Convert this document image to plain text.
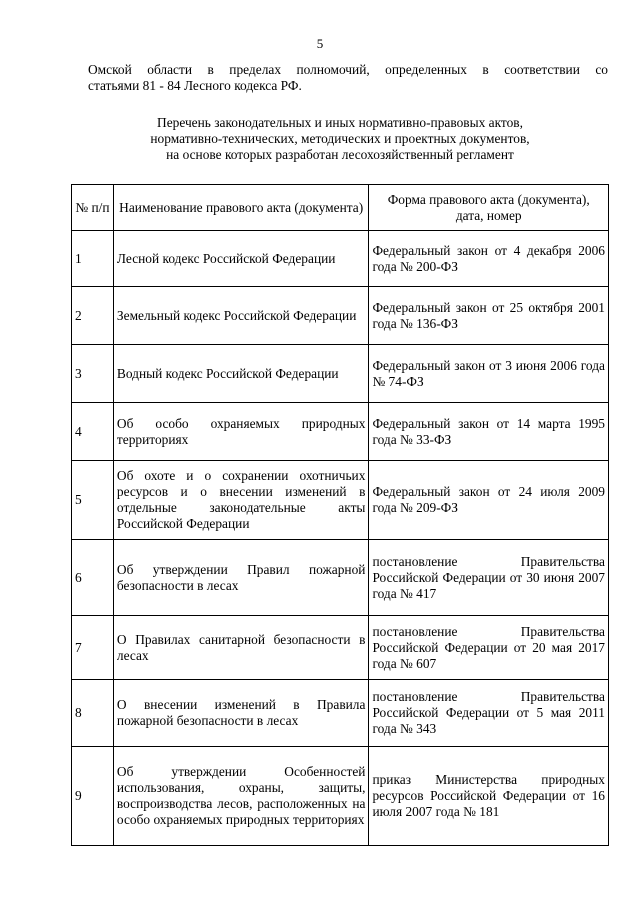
5
Омской области в пределах полномочий, определенных в соответствии со
статьями 81 - 84 Лесного кодекса РФ.
Перечень законодательных и иных нормативно-правовых актов,
нормативно-технических, методических и проектных документов,
на основе которых разработан лесохозяйственный регламент
№ п/п	Наименование правового акта (документа)	Форма правового акта (документа), дата, номер
1	Лесной кодекс Российской Федерации	Федеральный закон от 4 декабря 2006 года № 200-ФЗ
2	Земельный кодекс Российской Федерации	Федеральный закон от 25 октября 2001 года № 136-ФЗ
3	Водный кодекс Российской Федерации	Федеральный закон от 3 июня 2006 года № 74-ФЗ
4	Об особо охраняемых природных территориях	Федеральный закон от 14 марта 1995 года № 33-ФЗ
5	Об охоте и о сохранении охотничьих ресурсов и о внесении изменений в отдельные законодательные акты Российской Федерации	Федеральный закон от 24 июля 2009 года № 209-ФЗ
6	Об утверждении Правил пожарной безопасности в лесах	постановление Правительства Российской Федерации от 30 июня 2007 года № 417
7	О Правилах санитарной безопасности в лесах	постановление Правительства Российской Федерации от 20 мая 2017 года № 607
8	О внесении изменений в Правила пожарной безопасности в лесах	постановление Правительства Российской Федерации от 5 мая 2011 года № 343
9	Об утверждении Особенностей использования, охраны, защиты, воспроизводства лесов, расположенных на особо охраняемых природных территориях	приказ Министерства природных ресурсов Российской Федерации от 16 июля 2007 года № 181
